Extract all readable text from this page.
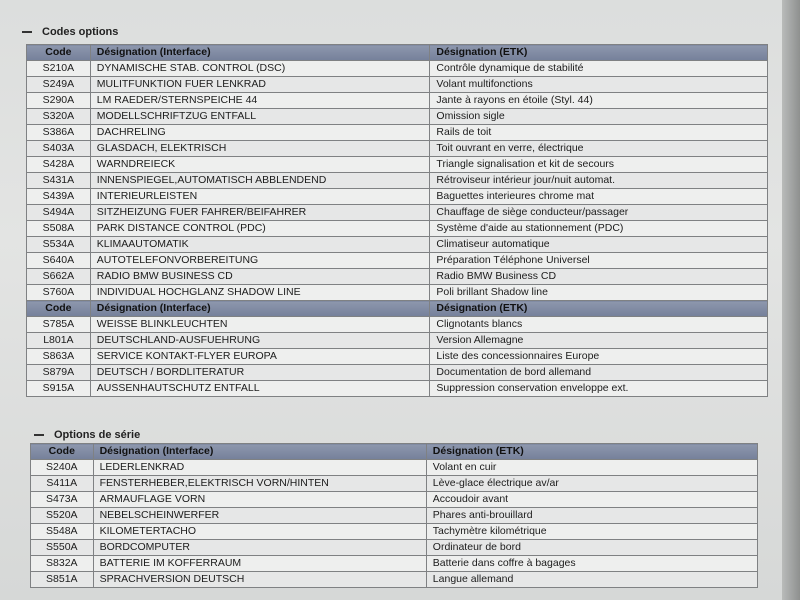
Codes options
Code	Désignation (Interface)	Désignation (ETK)
S210A	DYNAMISCHE STAB. CONTROL (DSC)	Contrôle dynamique de stabilité
S249A	MULITFUNKTION FUER LENKRAD	Volant multifonctions
S290A	LM RAEDER/STERNSPEICHE 44	Jante à rayons en étoile (Styl. 44)
S320A	MODELLSCHRIFTZUG ENTFALL	Omission sigle
S386A	DACHRELING	Rails de toit
S403A	GLASDACH, ELEKTRISCH	Toit ouvrant en verre, électrique
S428A	WARNDREIECK	Triangle signalisation et kit de secours
S431A	INNENSPIEGEL,AUTOMATISCH ABBLENDEND	Rétroviseur intérieur jour/nuit automat.
S439A	INTERIEURLEISTEN	Baguettes interieures chrome mat
S494A	SITZHEIZUNG FUER FAHRER/BEIFAHRER	Chauffage de siège conducteur/passager
S508A	PARK DISTANCE CONTROL (PDC)	Système d'aide au stationnement (PDC)
S534A	KLIMAAUTOMATIK	Climatiseur automatique
S640A	AUTOTELEFONVORBEREITUNG	Préparation Téléphone Universel
S662A	RADIO BMW BUSINESS CD	Radio BMW Business CD
S760A	INDIVIDUAL HOCHGLANZ SHADOW LINE	Poli brillant Shadow line
Code	Désignation (Interface)	Désignation (ETK)
S785A	WEISSE BLINKLEUCHTEN	Clignotants blancs
L801A	DEUTSCHLAND-AUSFUEHRUNG	Version Allemagne
S863A	SERVICE KONTAKT-FLYER EUROPA	Liste des concessionnaires Europe
S879A	DEUTSCH / BORDLITERATUR	Documentation de bord allemand
S915A	AUSSENHAUTSCHUTZ ENTFALL	Suppression conservation enveloppe ext.
Options de série
Code	Désignation (Interface)	Désignation (ETK)
S240A	LEDERLENKRAD	Volant en cuir
S411A	FENSTERHEBER,ELEKTRISCH VORN/HINTEN	Lève-glace électrique av/ar
S473A	ARMAUFLAGE VORN	Accoudoir avant
S520A	NEBELSCHEINWERFER	Phares anti-brouillard
S548A	KILOMETERTACHO	Tachymètre kilométrique
S550A	BORDCOMPUTER	Ordinateur de bord
S832A	BATTERIE IM KOFFERRAUM	Batterie dans coffre à bagages
S851A	SPRACHVERSION DEUTSCH	Langue allemand
